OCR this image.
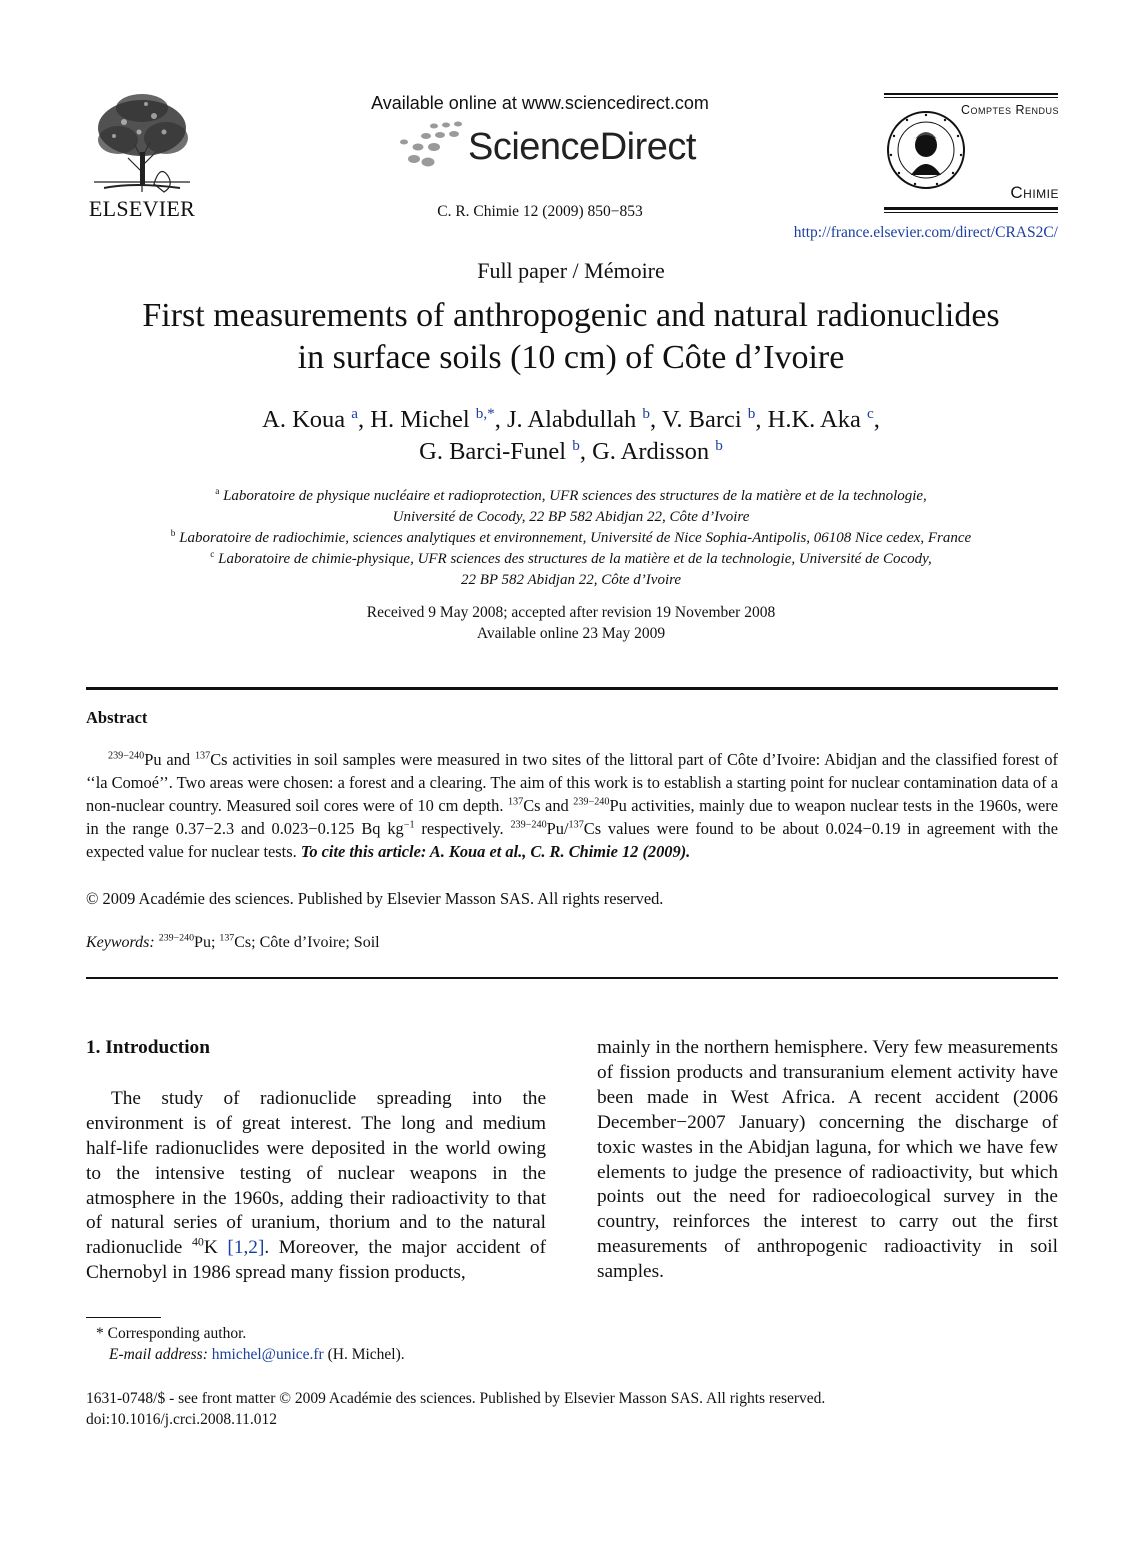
ELSEVIER
Available online at www.sciencedirect.com
ScienceDirect
C. R. Chimie 12 (2009) 850−853
Comptes Rendus
Chimie
http://france.elsevier.com/direct/CRAS2C/
Full paper / Mémoire
First measurements of anthropogenic and natural radionuclides
in surface soils (10 cm) of Côte d’Ivoire
A. Koua $^a$, H. Michel $^{b,*}$, J. Alabdullah $^b$, V. Barci $^b$, H.K. Aka $^c$,
G. Barci-Funel $^b$, G. Ardisson $^b$
$^a$ Laboratoire de physique nucléaire et radioprotection, UFR sciences des structures de la matière et de la technologie,
Université de Cocody, 22 BP 582 Abidjan 22, Côte d’Ivoire
$^b$ Laboratoire de radiochimie, sciences analytiques et environnement, Université de Nice Sophia-Antipolis, 06108 Nice cedex, France
$^c$ Laboratoire de chimie-physique, UFR sciences des structures de la matière et de la technologie, Université de Cocody,
22 BP 582 Abidjan 22, Côte d’Ivoire
Received 9 May 2008; accepted after revision 19 November 2008
Available online 23 May 2009
Abstract
$^{239-240}$Pu and $^{137}$Cs activities in soil samples were measured in two sites of the littoral part of Côte d’Ivoire: Abidjan and the classified forest of ‘‘la Comoé’’. Two areas were chosen: a forest and a clearing. The aim of this work is to establish a starting point for nuclear contamination data of a non-nuclear country. Measured soil cores were of 10 cm depth. $^{137}$Cs and $^{239-240}$Pu activities, mainly due to weapon nuclear tests in the 1960s, were in the range 0.37−2.3 and 0.023−0.125 Bq $kg^{-1}$ respectively. $^{239-240}$Pu/$^{137}$Cs values were found to be about 0.024−0.19 in agreement with the expected value for nuclear tests. To cite this article: A. Koua et al., C. R. Chimie 12 (2009).
© 2009 Académie des sciences. Published by Elsevier Masson SAS. All rights reserved.
Keywords: $^{239-240}$Pu; $^{137}$Cs; Côte d’Ivoire; Soil

1. Introduction

The study of radionuclide spreading into the environment is of great interest. The long and medium half-life radionuclides were deposited in the world owing to the intensive testing of nuclear weapons in the atmosphere in the 1960s, adding their radioactivity to that of natural series of uranium, thorium and to the natural radionuclide $^{40}$K [1,2]. Moreover, the major accident of Chernobyl in 1986 spread many fission products,

mainly in the northern hemisphere. Very few measurements of fission products and transuranium element activity have been made in West Africa. A recent accident (2006 December−2007 January) concerning the discharge of toxic wastes in the Abidjan laguna, for which we have few elements to judge the presence of radioactivity, but which points out the need for radioecological survey in the country, reinforces the interest to carry out the first measurements of anthropogenic radioactivity in soil samples.

* Corresponding author.
E-mail address: hmichel@unice.fr (H. Michel).
1631-0748/$ - see front matter © 2009 Académie des sciences. Published by Elsevier Masson SAS. All rights reserved.
doi:10.1016/j.crci.2008.11.012
